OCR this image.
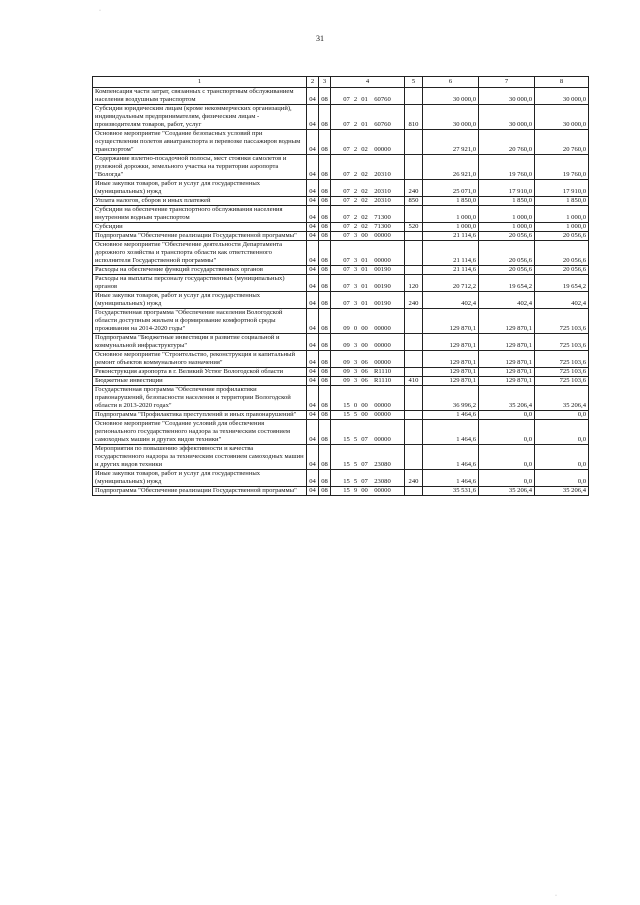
31
1	2	3	4	5	6	7	8
Компенсация части затрат, связанных с транспортным обслуживанием населения воздушным транспортом	04	08	07 2 01 60760		30 000,0	30 000,0	30 000,0
Субсидии юридическим лицам (кроме некоммерческих организаций), индивидуальным предпринимателям, физическим лицам - производителям товаров, работ, услуг	04	08	07 2 01 60760	810	30 000,0	30 000,0	30 000,0
Основное мероприятие "Создание безопасных условий при осуществлении полетов авиатранспорта и перевозке пассажиров водным транспортом"	04	08	07 2 02 00000		27 921,0	20 760,0	20 760,0
Содержание взлетно-посадочной полосы, мест стоянки самолетов и рулежной дорожки, земельного участка на территории аэропорта "Вологда"	04	08	07 2 02 20310		26 921,0	19 760,0	19 760,0
Иные закупки товаров, работ и услуг для государственных (муниципальных) нужд	04	08	07 2 02 20310	240	25 071,0	17 910,0	17 910,0
Уплата налогов, сборов и иных платежей	04	08	07 2 02 20310	850	1 850,0	1 850,0	1 850,0
Субсидии на обеспечение транспортного обслуживания населения внутренним водным транспортом	04	08	07 2 02 71300		1 000,0	1 000,0	1 000,0
Субсидии	04	08	07 2 02 71300	520	1 000,0	1 000,0	1 000,0
Подпрограмма "Обеспечение реализации Государственной программы"	04	08	07 3 00 00000		21 114,6	20 056,6	20 056,6
Основное мероприятие "Обеспечение деятельности Департамента дорожного хозяйства и транспорта области как ответственного исполнителя Государственной программы"	04	08	07 3 01 00000		21 114,6	20 056,6	20 056,6
Расходы на обеспечение функций государственных органов	04	08	07 3 01 00190		21 114,6	20 056,6	20 056,6
Расходы на выплаты персоналу государственных (муниципальных) органов	04	08	07 3 01 00190	120	20 712,2	19 654,2	19 654,2
Иные закупки товаров, работ и услуг для государственных (муниципальных) нужд	04	08	07 3 01 00190	240	402,4	402,4	402,4
Государственная программа "Обеспечение населения Вологодской области доступным жильем и формирование комфортной среды проживания на 2014-2020 годы"	04	08	09 0 00 00000		129 870,1	129 870,1	725 103,6
Подпрограмма "Бюджетные инвестиции в развитие социальной и коммунальной инфраструктуры"	04	08	09 3 00 00000		129 870,1	129 870,1	725 103,6
Основное мероприятие "Строительство, реконструкция и капитальный ремонт объектов коммунального назначения"	04	08	09 3 06 00000		129 870,1	129 870,1	725 103,6
Реконструкция аэропорта в г. Великий Устюг Вологодской области	04	08	09 3 06 R1110		129 870,1	129 870,1	725 103,6
Бюджетные инвестиции	04	08	09 3 06 R1110	410	129 870,1	129 870,1	725 103,6
Государственная программа "Обеспечение профилактики правонарушений, безопасности населения и территории Вологодской области в 2013-2020 годах"	04	08	15 0 00 00000		36 996,2	35 206,4	35 206,4
Подпрограмма "Профилактика преступлений и иных правонарушений"	04	08	15 5 00 00000		1 464,6	0,0	0,0
Основное мероприятие "Создание условий для обеспечения регионального государственного надзора за техническим состоянием самоходных машин и других видов техники"	04	08	15 5 07 00000		1 464,6	0,0	0,0
Мероприятия по повышению эффективности и качества государственного надзора за техническим состоянием самоходных машин и других видов техники	04	08	15 5 07 23080		1 464,6	0,0	0,0
Иные закупки товаров, работ и услуг для государственных (муниципальных) нужд	04	08	15 5 07 23080	240	1 464,6	0,0	0,0
Подпрограмма "Обеспечение реализации Государственной программы"	04	08	15 9 00 00000		35 531,6	35 206,4	35 206,4
·
·
